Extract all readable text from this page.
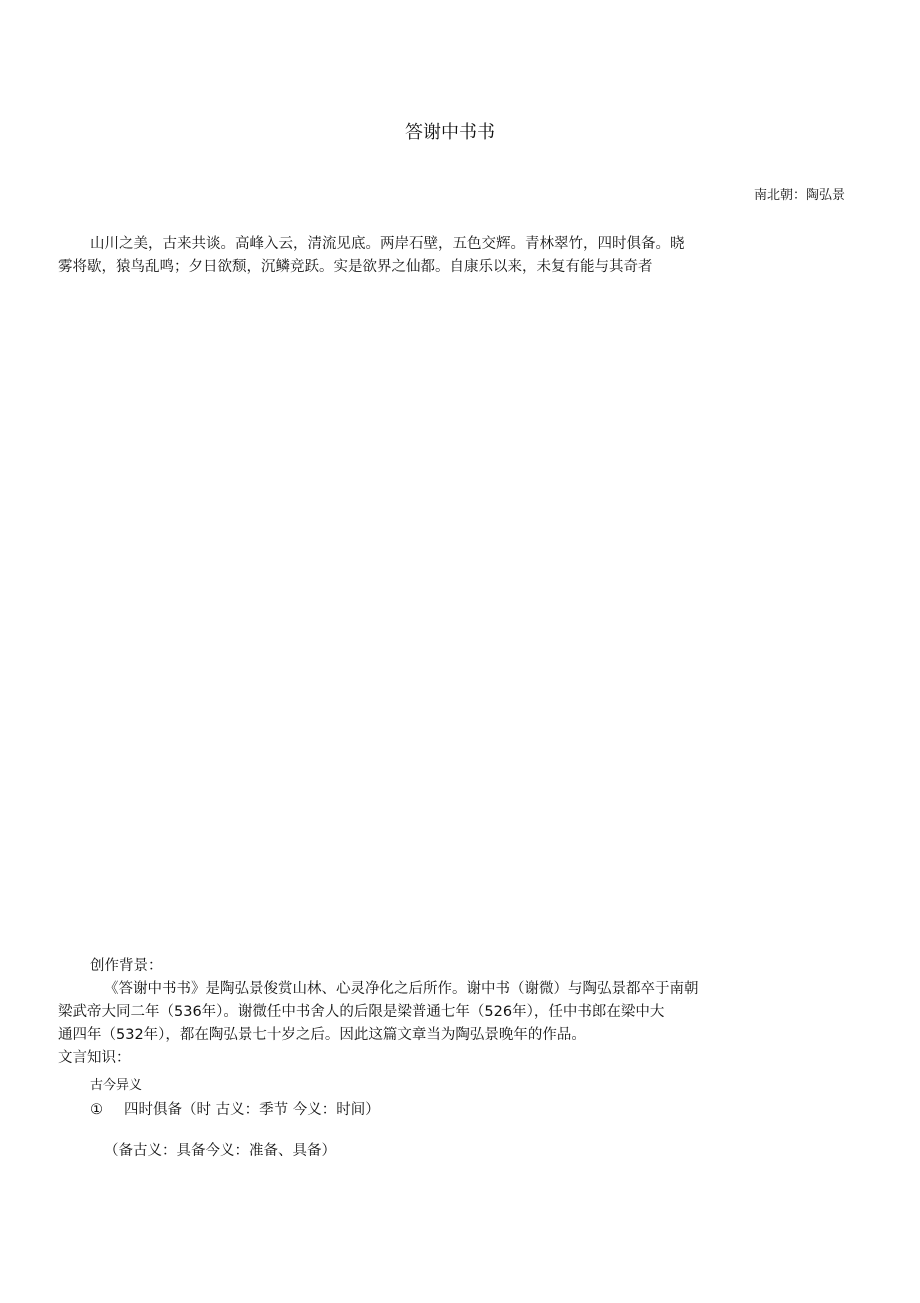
答谢中书书
南北朝：陶弘景
山川之美，古来共谈。高峰入云，清流见底。两岸石壁，五色交辉。青林翠竹，四时俱备。晓
雾将歇，猿鸟乱鸣；夕日欲颓，沉鳞竞跃。实是欲界之仙都。自康乐以来，未复有能与其奇者
创作背景：
《答谢中书书》是陶弘景俊赏山林、心灵净化之后所作。谢中书（谢微）与陶弘景都卒于南朝
梁武帝大同二年（536年）。谢微任中书舍人的后限是梁普通七年（526年），任中书郎在梁中大
通四年（532年），都在陶弘景七十岁之后。因此这篇文章当为陶弘景晚年的作品。
文言知识：
古今异义
① 四时俱备（时 古义：季节 今义：时间）
（备古义：具备今义：准备、具备）
